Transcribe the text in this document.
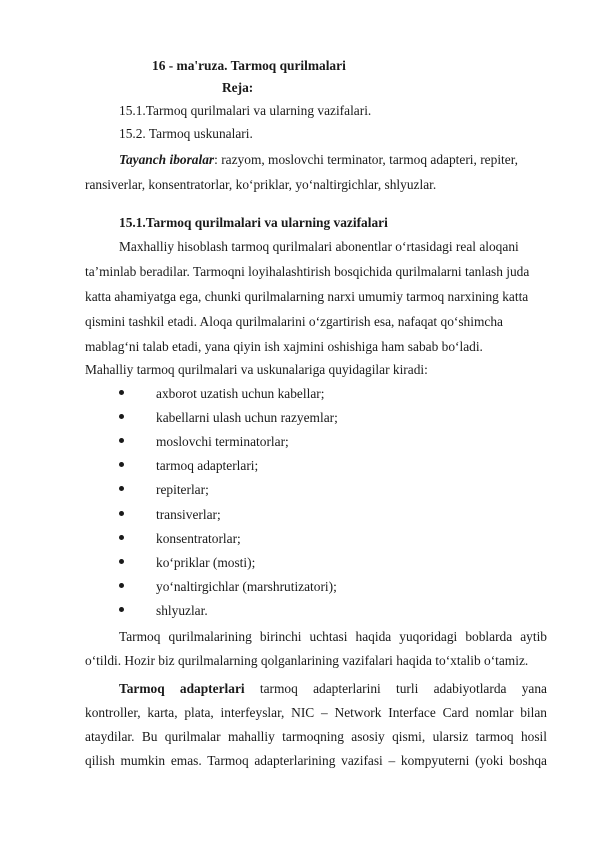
16 - ma'ruza. Tarmoq qurilmalari
Reja:
15.1.Tarmoq qurilmalari va ularning vazifalari.
15.2. Tarmoq uskunalari.
Tayanch iboralar: razyom, moslovchi terminator, tarmoq adapteri, repiter,
ransiverlar, konsentratorlar, ko‘priklar, yo‘naltirgichlar, shlyuzlar.
15.1.Tarmoq qurilmalari va ularning vazifalari
Maxhalliy hisoblash tarmoq qurilmalari abonentlar o‘rtasidagi real aloqani
ta’minlab beradilar. Tarmoqni loyihalashtirish bosqichida qurilmalarni tanlash juda
katta ahamiyatga ega, chunki qurilmalarning narxi umumiy tarmoq narxining katta
qismini tashkil etadi. Aloqa qurilmalarini o‘zgartirish esa, nafaqat qo‘shimcha
mablag‘ni talab etadi, yana qiyin ish xajmini oshishiga ham sabab bo‘ladi.
Mahalliy tarmoq qurilmalari va uskunalariga quyidagilar kiradi:
axborot uzatish uchun kabellar;
kabellarni ulash uchun razyemlar;
moslovchi terminatorlar;
tarmoq adapterlari;
repiterlar;
transiverlar;
konsentratorlar;
ko‘priklar (mosti);
yo‘naltirgichlar (marshrutizatori);
shlyuzlar.
Tarmoq qurilmalarining birinchi uchtasi haqida yuqoridagi boblarda aytib
o‘tildi. Hozir biz qurilmalarning qolganlarining vazifalari haqida to‘xtalib o‘tamiz.
Tarmoq adapterlari tarmoq adapterlarini turli adabiyotlarda yana
kontroller, karta, plata, interfeyslar, NIC – Network Interface Card nomlar bilan
ataydilar. Bu qurilmalar mahalliy tarmoqning asosiy qismi, ularsiz tarmoq hosil
qilish mumkin emas. Tarmoq adapterlarining vazifasi – kompyuterni (yoki boshqa
